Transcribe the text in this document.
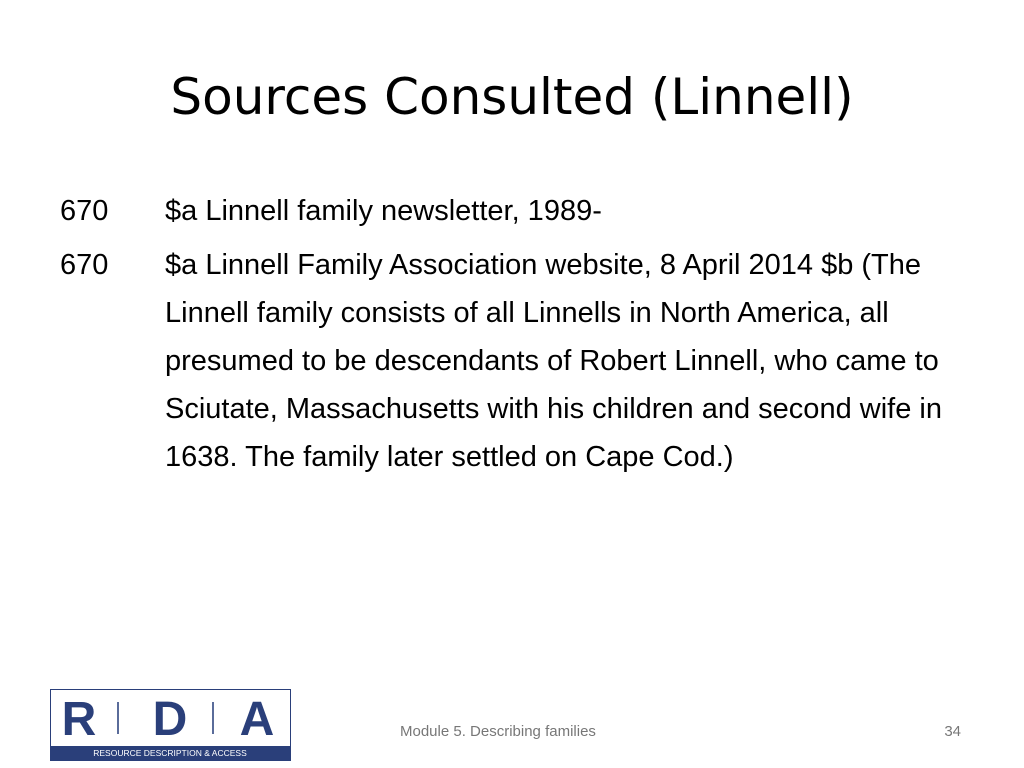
Sources Consulted (Linnell)
670	$a Linnell family newsletter, 1989-
670	$a Linnell Family Association website, 8 April 2014 $b (The Linnell family consists of all Linnells in North America, all presumed to be descendants of Robert Linnell, who came to Sciutate, Massachusetts with his children and second wife in 1638. The family later settled on Cape Cod.)
R D A
RESOURCE DESCRIPTION & ACCESS
Module 5. Describing families	34
